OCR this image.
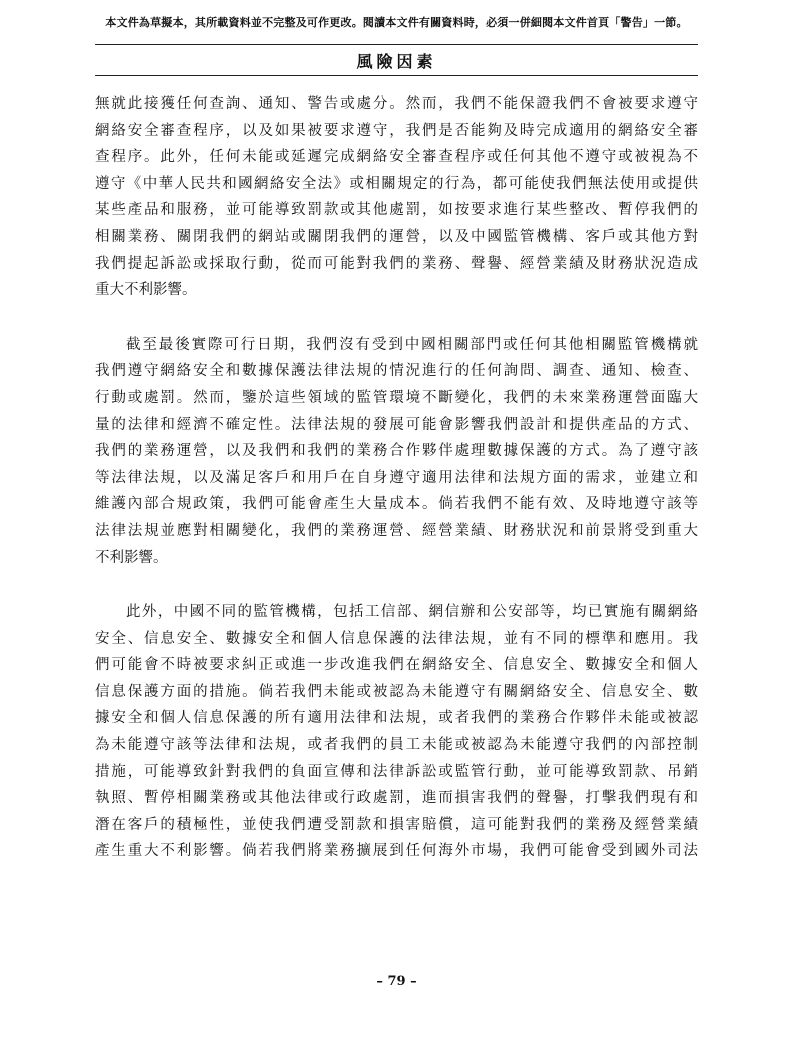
本文件為草擬本，其所載資料並不完整及可作更改。閱讀本文件有關資料時，必須一併細閱本文件首頁「警告」一節。
風險因素
無就此接獲任何查詢、通知、警告或處分。然而，我們不能保證我們不會被要求遵守
網絡安全審查程序，以及如果被要求遵守，我們是否能夠及時完成適用的網絡安全審
查程序。此外，任何未能或延遲完成網絡安全審查程序或任何其他不遵守或被視為不
遵守《中華人民共和國網絡安全法》或相關規定的行為，都可能使我們無法使用或提供
某些產品和服務，並可能導致罰款或其他處罰，如按要求進行某些整改、暫停我們的
相關業務、關閉我們的網站或關閉我們的運營，以及中國監管機構、客戶或其他方對
我們提起訴訟或採取行動，從而可能對我們的業務、聲譽、經營業績及財務狀況造成
重大不利影響。
截至最後實際可行日期，我們沒有受到中國相關部門或任何其他相關監管機構就
我們遵守網絡安全和數據保護法律法規的情況進行的任何詢問、調查、通知、檢查、
行動或處罰。然而，鑒於這些領域的監管環境不斷變化，我們的未來業務運營面臨大
量的法律和經濟不確定性。法律法規的發展可能會影響我們設計和提供產品的方式、
我們的業務運營，以及我們和我們的業務合作夥伴處理數據保護的方式。為了遵守該
等法律法規，以及滿足客戶和用戶在自身遵守適用法律和法規方面的需求，並建立和
維護內部合規政策，我們可能會產生大量成本。倘若我們不能有效、及時地遵守該等
法律法規並應對相關變化，我們的業務運營、經營業績、財務狀況和前景將受到重大
不利影響。
此外，中國不同的監管機構，包括工信部、網信辦和公安部等，均已實施有關網絡
安全、信息安全、數據安全和個人信息保護的法律法規，並有不同的標準和應用。我
們可能會不時被要求糾正或進一步改進我們在網絡安全、信息安全、數據安全和個人
信息保護方面的措施。倘若我們未能或被認為未能遵守有關網絡安全、信息安全、數
據安全和個人信息保護的所有適用法律和法規，或者我們的業務合作夥伴未能或被認
為未能遵守該等法律和法規，或者我們的員工未能或被認為未能遵守我們的內部控制
措施，可能導致針對我們的負面宣傳和法律訴訟或監管行動，並可能導致罰款、吊銷
執照、暫停相關業務或其他法律或行政處罰，進而損害我們的聲譽，打擊我們現有和
潛在客戶的積極性，並使我們遭受罰款和損害賠償，這可能對我們的業務及經營業績
產生重大不利影響。倘若我們將業務擴展到任何海外市場，我們可能會受到國外司法
– 79 –
